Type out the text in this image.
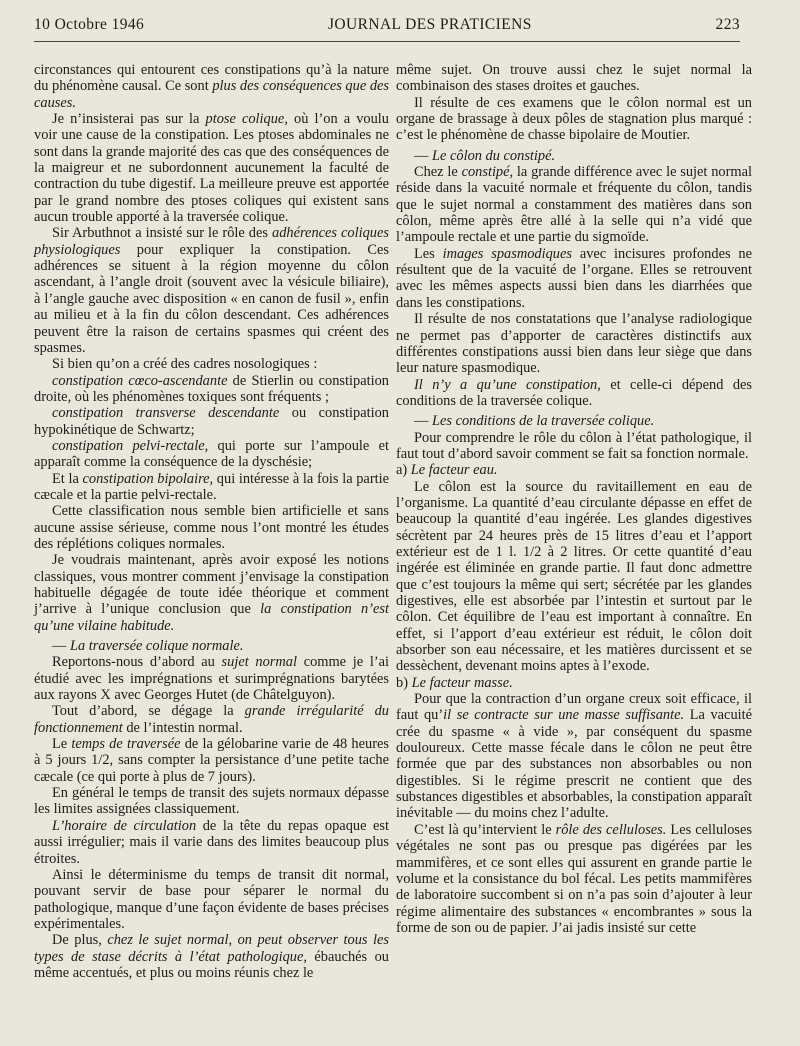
10 Octobre 1946	JOURNAL DES PRATICIENS	223

circonstances qui entourent ces constipations qu’à la nature du phénomène causal. Ce sont plus des conséquences que des causes.

Je n’insisterai pas sur la ptose colique, où l’on a voulu voir une cause de la constipation. Les ptoses abdominales ne sont dans la grande majorité des cas que des conséquences de la maigreur et ne subordonnent aucunement la faculté de contraction du tube digestif. La meilleure preuve est apportée par le grand nombre des ptoses coliques qui existent sans aucun trouble apporté à la traversée colique.

Sir Arbuthnot a insisté sur le rôle des adhérences coliques physiologiques pour expliquer la constipation. Ces adhérences se situent à la région moyenne du côlon ascendant, à l’angle droit (souvent avec la vésicule biliaire), à l’angle gauche avec disposition « en canon de fusil », enfin au milieu et à la fin du côlon descendant. Ces adhérences peuvent être la raison de certains spasmes qui créent des spasmes.

Si bien qu’on a créé des cadres nosologiques :

constipation cœco-ascendante de Stierlin ou constipation droite, où les phénomènes toxiques sont fréquents ;

constipation transverse descendante ou constipation hypokinétique de Schwartz;

constipation pelvi-rectale, qui porte sur l’ampoule et apparaît comme la conséquence de la dyschésie;

Et la constipation bipolaire, qui intéresse à la fois la partie cæcale et la partie pelvi-rectale.

Cette classification nous semble bien artificielle et sans aucune assise sérieuse, comme nous l’ont montré les études des réplétions coliques normales.

Je voudrais maintenant, après avoir exposé les notions classiques, vous montrer comment j’envisage la constipation habituelle dégagée de toute idée théorique et comment j’arrive à l’unique conclusion que la constipation n’est qu’une vilaine habitude.

— La traversée colique normale.

Reportons-nous d’abord au sujet normal comme je l’ai étudié avec les imprégnations et surimprégnations barytées aux rayons X avec Georges Hutet (de Châtelguyon).

Tout d’abord, se dégage la grande irrégularité du fonctionnement de l’intestin normal.

Le temps de traversée de la gélobarine varie de 48 heures à 5 jours 1/2, sans compter la persistance d’une petite tache cæcale (ce qui porte à plus de 7 jours).

En général le temps de transit des sujets normaux dépasse les limites assignées classiquement.

L’horaire de circulation de la tête du repas opaque est aussi irrégulier; mais il varie dans des limites beaucoup plus étroites.

Ainsi le déterminisme du temps de transit dit normal, pouvant servir de base pour séparer le normal du pathologique, manque d’une façon évidente de bases précises expérimentales.

De plus, chez le sujet normal, on peut observer tous les types de stase décrits à l’état pathologique, ébauchés ou même accentués, et plus ou moins réunis chez le

même sujet. On trouve aussi chez le sujet normal la combinaison des stases droites et gauches.

Il résulte de ces examens que le côlon normal est un organe de brassage à deux pôles de stagnation plus marqué : c’est le phénomène de chasse bipolaire de Moutier.

— Le côlon du constipé.

Chez le constipé, la grande différence avec le sujet normal réside dans la vacuité normale et fréquente du côlon, tandis que le sujet normal a constamment des matières dans son côlon, même après être allé à la selle qui n’a vidé que l’ampoule rectale et une partie du sigmoïde.

Les images spasmodiques avec incisures profondes ne résultent que de la vacuité de l’organe. Elles se retrouvent avec les mêmes aspects aussi bien dans les diarrhées que dans les constipations.

Il résulte de nos constatations que l’analyse radiologique ne permet pas d’apporter de caractères distinctifs aux différentes constipations aussi bien dans leur siège que dans leur nature spasmodique.

Il n’y a qu’une constipation, et celle-ci dépend des conditions de la traversée colique.

— Les conditions de la traversée colique.

Pour comprendre le rôle du côlon à l’état pathologique, il faut tout d’abord savoir comment se fait sa fonction normale.

a) Le facteur eau.

Le côlon est la source du ravitaillement en eau de l’organisme. La quantité d’eau circulante dépasse en effet de beaucoup la quantité d’eau ingérée. Les glandes digestives sécrètent par 24 heures près de 15 litres d’eau et l’apport extérieur est de 1 l. 1/2 à 2 litres. Or cette quantité d’eau ingérée est éliminée en grande partie. Il faut donc admettre que c’est toujours la même qui sert; sécrétée par les glandes digestives, elle est absorbée par l’intestin et surtout par le côlon. Cet équilibre de l’eau est important à connaître. En effet, si l’apport d’eau extérieur est réduit, le côlon doit absorber son eau nécessaire, et les matières durcissent et se dessèchent, devenant moins aptes à l’exode.

b) Le facteur masse.

Pour que la contraction d’un organe creux soit efficace, il faut qu’il se contracte sur une masse suffisante. La vacuité crée du spasme « à vide », par conséquent du spasme douloureux. Cette masse fécale dans le côlon ne peut être formée que par des substances non absorbables ou non digestibles. Si le régime prescrit ne contient que des substances digestibles et absorbables, la constipation apparaît inévitable — du moins chez l’adulte.

C’est là qu’intervient le rôle des celluloses. Les celluloses végétales ne sont pas ou presque pas digérées par les mammifères, et ce sont elles qui assurent en grande partie le volume et la consistance du bol fécal. Les petits mammifères de laboratoire succombent si on n’a pas soin d’ajouter à leur régime alimentaire des substances « encombrantes » sous la forme de son ou de papier. J’ai jadis insisté sur cette
